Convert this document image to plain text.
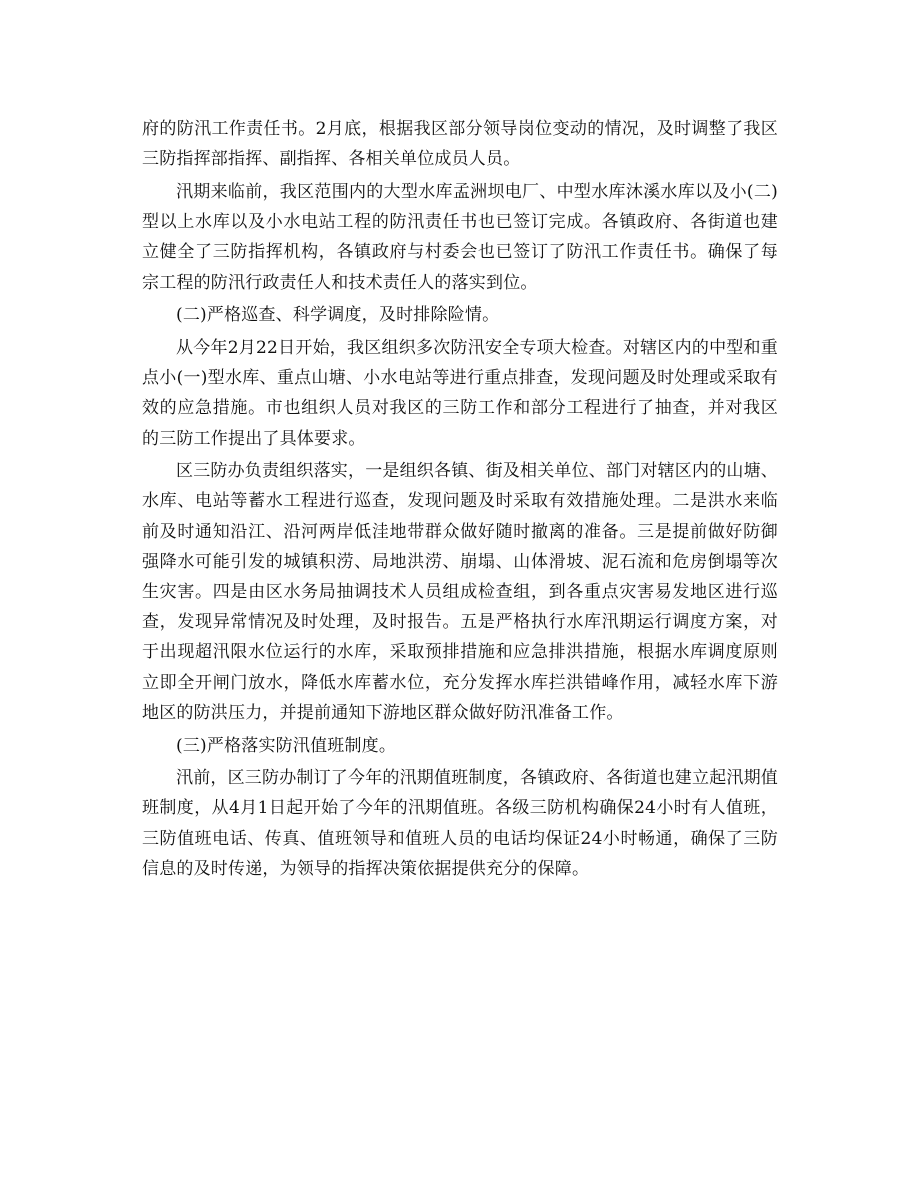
府的防汛工作责任书。2月底，根据我区部分领导岗位变动的情况，及时调整了我区三防指挥部指挥、副指挥、各相关单位成员人员。

汛期来临前，我区范围内的大型水库孟洲坝电厂、中型水库沐溪水库以及小(二)型以上水库以及小水电站工程的防汛责任书也已签订完成。各镇政府、各街道也建立健全了三防指挥机构，各镇政府与村委会也已签订了防汛工作责任书。确保了每宗工程的防汛行政责任人和技术责任人的落实到位。

(二)严格巡查、科学调度，及时排除险情。

从今年2月22日开始，我区组织多次防汛安全专项大检查。对辖区内的中型和重点小(一)型水库、重点山塘、小水电站等进行重点排查，发现问题及时处理或采取有效的应急措施。市也组织人员对我区的三防工作和部分工程进行了抽查，并对我区的三防工作提出了具体要求。

区三防办负责组织落实，一是组织各镇、街及相关单位、部门对辖区内的山塘、水库、电站等蓄水工程进行巡查，发现问题及时采取有效措施处理。二是洪水来临前及时通知沿江、沿河两岸低洼地带群众做好随时撤离的准备。三是提前做好防御强降水可能引发的城镇积涝、局地洪涝、崩塌、山体滑坡、泥石流和危房倒塌等次生灾害。四是由区水务局抽调技术人员组成检查组，到各重点灾害易发地区进行巡查，发现异常情况及时处理，及时报告。五是严格执行水库汛期运行调度方案，对于出现超汛限水位运行的水库，采取预排措施和应急排洪措施，根据水库调度原则立即全开闸门放水，降低水库蓄水位，充分发挥水库拦洪错峰作用，减轻水库下游地区的防洪压力，并提前通知下游地区群众做好防汛准备工作。

(三)严格落实防汛值班制度。

汛前，区三防办制订了今年的汛期值班制度，各镇政府、各街道也建立起汛期值班制度，从4月1日起开始了今年的汛期值班。各级三防机构确保24小时有人值班，三防值班电话、传真、值班领导和值班人员的电话均保证24小时畅通，确保了三防信息的及时传递，为领导的指挥决策依据提供充分的保障。
